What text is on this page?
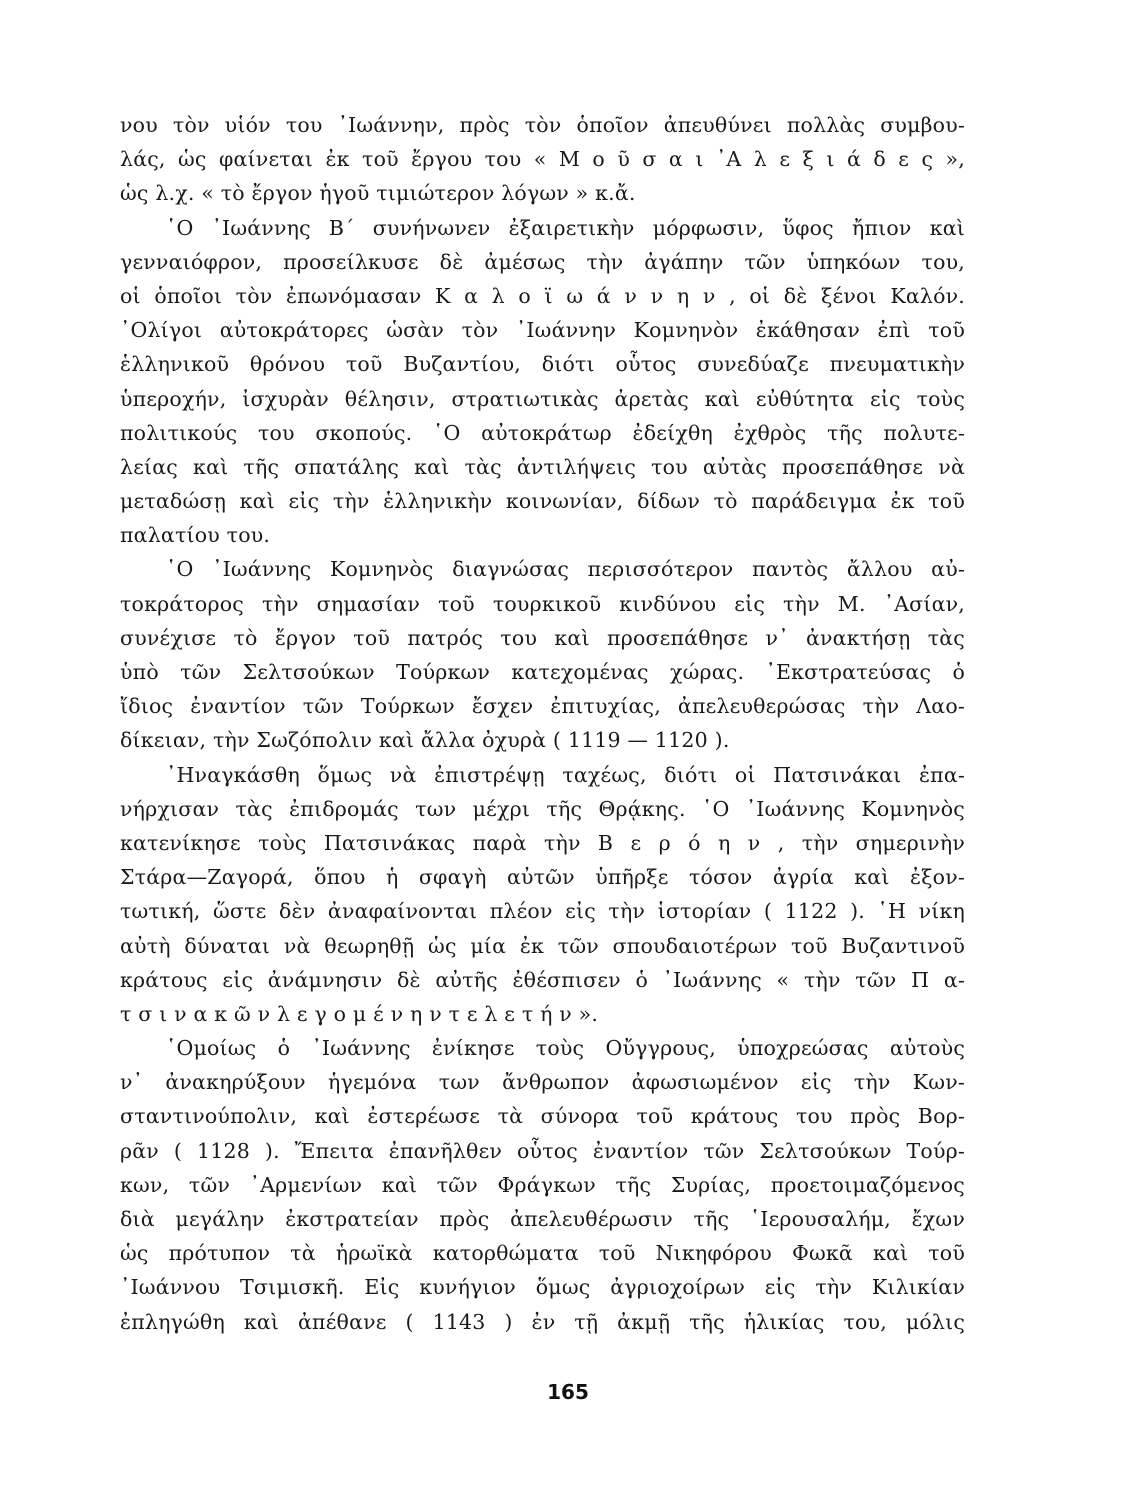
νου τὸν υἱόν του ᾿Ιωάννην, πρὸς τὸν ὁποῖον ἀπευθύνει πολλὰς συμβου-
λάς, ὡς φαίνεται ἐκ τοῦ ἔργου του « Μ ο ῦ σ α ι ᾿Α λ ε ξ ι ά δ ε ς »,
ὡς λ.χ. « τὸ ἔργον ἡγοῦ τιμιώτερον λόγων » κ.ἄ.
῾Ο ᾿Ιωάννης Β΄ συνήνωνεν ἐξαιρετικὴν μόρφωσιν, ὕφος ἤπιον καὶ
γενναιόφρον, προσείλκυσε δὲ ἀμέσως τὴν ἀγάπην τῶν ὑπηκόων του,
οἱ ὁποῖοι τὸν ἐπωνόμασαν Κ α λ ο ϊ ω ά ν ν η ν , οἱ δὲ ξένοι Καλόν.
᾿Ολίγοι αὐτοκράτορες ὡσὰν τὸν ᾿Ιωάννην Κομνηνὸν ἐκάθησαν ἐπὶ τοῦ
ἑλληνικοῦ θρόνου τοῦ Βυζαντίου, διότι οὗτος συνεδύαζε πνευματικὴν
ὑπεροχήν, ἰσχυρὰν θέλησιν, στρατιωτικὰς ἀρετὰς καὶ εὐθύτητα εἰς τοὺς
πολιτικούς του σκοπούς. ῾Ο αὐτοκράτωρ ἐδείχθη ἐχθρὸς τῆς πολυτε-
λείας καὶ τῆς σπατάλης καὶ τὰς ἀντιλήψεις του αὐτὰς προσεπάθησε νὰ
μεταδώσῃ καὶ εἰς τὴν ἑλληνικὴν κοινωνίαν, δίδων τὸ παράδειγμα ἐκ τοῦ
παλατίου του.
῾Ο ᾿Ιωάννης Κομνηνὸς διαγνώσας περισσότερον παντὸς ἄλλου αὐ-
τοκράτορος τὴν σημασίαν τοῦ τουρκικοῦ κινδύνου εἰς τὴν Μ. ᾿Ασίαν,
συνέχισε τὸ ἔργον τοῦ πατρός του καὶ προσεπάθησε ν᾿ ἀνακτήσῃ τὰς
ὑπὸ τῶν Σελτσούκων Τούρκων κατεχομένας χώρας. ᾿Εκστρατεύσας ὁ
ἴδιος ἐναντίον τῶν Τούρκων ἔσχεν ἐπιτυχίας, ἀπελευθερώσας τὴν Λαο-
δίκειαν, τὴν Σωζόπολιν καὶ ἄλλα ὀχυρὰ ( 1119 — 1120 ).
᾿Ηναγκάσθη ὅμως νὰ ἐπιστρέψῃ ταχέως, διότι οἱ Πατσινάκαι ἐπα-
νήρχισαν τὰς ἐπιδρομάς των μέχρι τῆς Θρᾴκης. ῾Ο ᾿Ιωάννης Κομνηνὸς
κατενίκησε τοὺς Πατσινάκας παρὰ τὴν Β ε ρ ό η ν , τὴν σημερινὴν
Στάρα—Ζαγορά, ὅπου ἡ σφαγὴ αὐτῶν ὑπῆρξε τόσον ἀγρία καὶ ἐξον-
τωτική, ὥστε δὲν ἀναφαίνονται πλέον εἰς τὴν ἱστορίαν ( 1122 ). ῾Η νίκη
αὐτὴ δύναται νὰ θεωρηθῇ ὡς μία ἐκ τῶν σπουδαιοτέρων τοῦ Βυζαντινοῦ
κράτους εἰς ἀνάμνησιν δὲ αὐτῆς ἐθέσπισεν ὁ ᾿Ιωάννης « τὴν τῶν Π α-
τ σ ι ν α κ ῶ ν λ ε γ ο μ έ ν η ν τ ε λ ε τ ή ν ».
῾Ομοίως ὁ ᾿Ιωάννης ἐνίκησε τοὺς Οὔγγρους, ὑποχρεώσας αὐτοὺς
ν᾿ ἀνακηρύξουν ἡγεμόνα των ἄνθρωπον ἀφωσιωμένον εἰς τὴν Κων-
σταντινούπολιν, καὶ ἐστερέωσε τὰ σύνορα τοῦ κράτους του πρὸς Βορ-
ρᾶν ( 1128 ). Ἔπειτα ἐπανῆλθεν οὗτος ἐναντίον τῶν Σελτσούκων Τούρ-
κων, τῶν ᾿Αρμενίων καὶ τῶν Φράγκων τῆς Συρίας, προετοιμαζόμενος
διὰ μεγάλην ἐκστρατείαν πρὸς ἀπελευθέρωσιν τῆς ῾Ιερουσαλήμ, ἔχων
ὡς πρότυπον τὰ ἡρωϊκὰ κατορθώματα τοῦ Νικηφόρου Φωκᾶ καὶ τοῦ
᾿Ιωάννου Τσιμισκῆ. Εἰς κυνήγιον ὅμως ἀγριοχοίρων εἰς τὴν Κιλικίαν
ἐπληγώθη καὶ ἀπέθανε ( 1143 ) ἐν τῇ ἀκμῇ τῆς ἡλικίας του, μόλις
165
